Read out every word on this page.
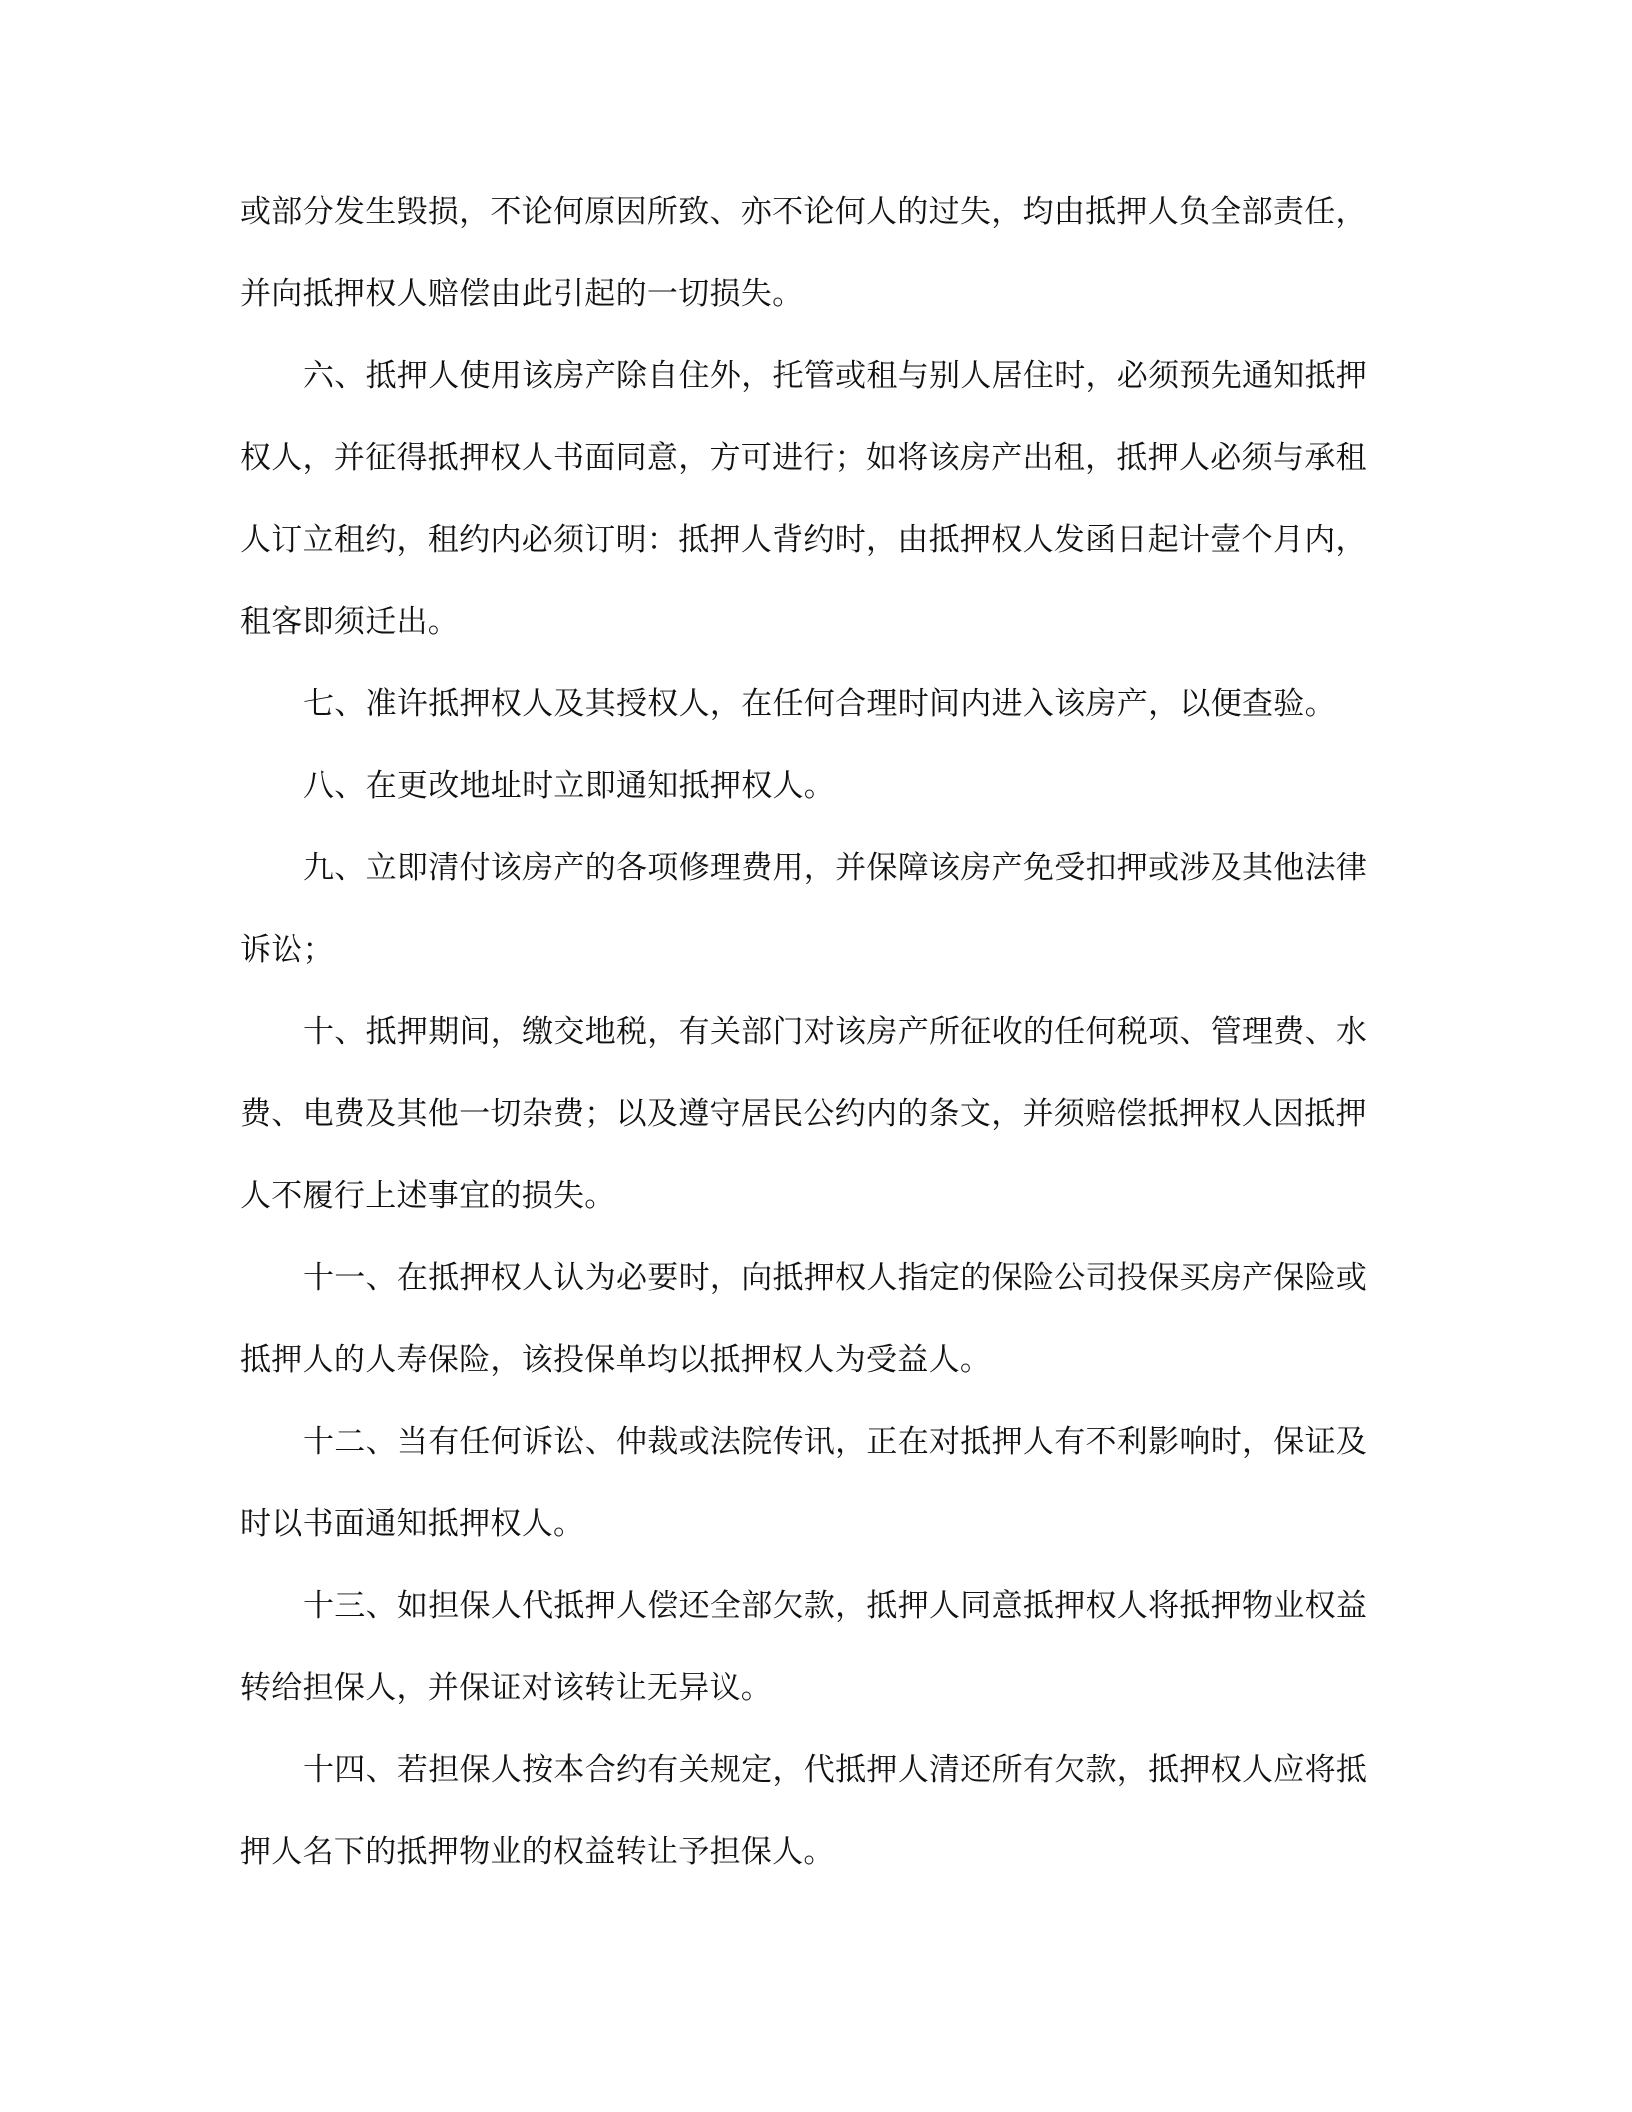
或部分发生毁损，不论何原因所致、亦不论何人的过失，均由抵押人负全部责任，
并向抵押权人赔偿由此引起的一切损失。
六、抵押人使用该房产除自住外，托管或租与别人居住时，必须预先通知抵押
权人，并征得抵押权人书面同意，方可进行；如将该房产出租，抵押人必须与承租
人订立租约，租约内必须订明：抵押人背约时，由抵押权人发函日起计壹个月内，
租客即须迁出。
七、准许抵押权人及其授权人，在任何合理时间内进入该房产，以便查验。
八、在更改地址时立即通知抵押权人。
九、立即清付该房产的各项修理费用，并保障该房产免受扣押或涉及其他法律
诉讼；
十、抵押期间，缴交地税，有关部门对该房产所征收的任何税项、管理费、水
费、电费及其他一切杂费；以及遵守居民公约内的条文，并须赔偿抵押权人因抵押
人不履行上述事宜的损失。
十一、在抵押权人认为必要时，向抵押权人指定的保险公司投保买房产保险或
抵押人的人寿保险，该投保单均以抵押权人为受益人。
十二、当有任何诉讼、仲裁或法院传讯，正在对抵押人有不利影响时，保证及
时以书面通知抵押权人。
十三、如担保人代抵押人偿还全部欠款，抵押人同意抵押权人将抵押物业权益
转给担保人，并保证对该转让无异议。
十四、若担保人按本合约有关规定，代抵押人清还所有欠款，抵押权人应将抵
押人名下的抵押物业的权益转让予担保人。
